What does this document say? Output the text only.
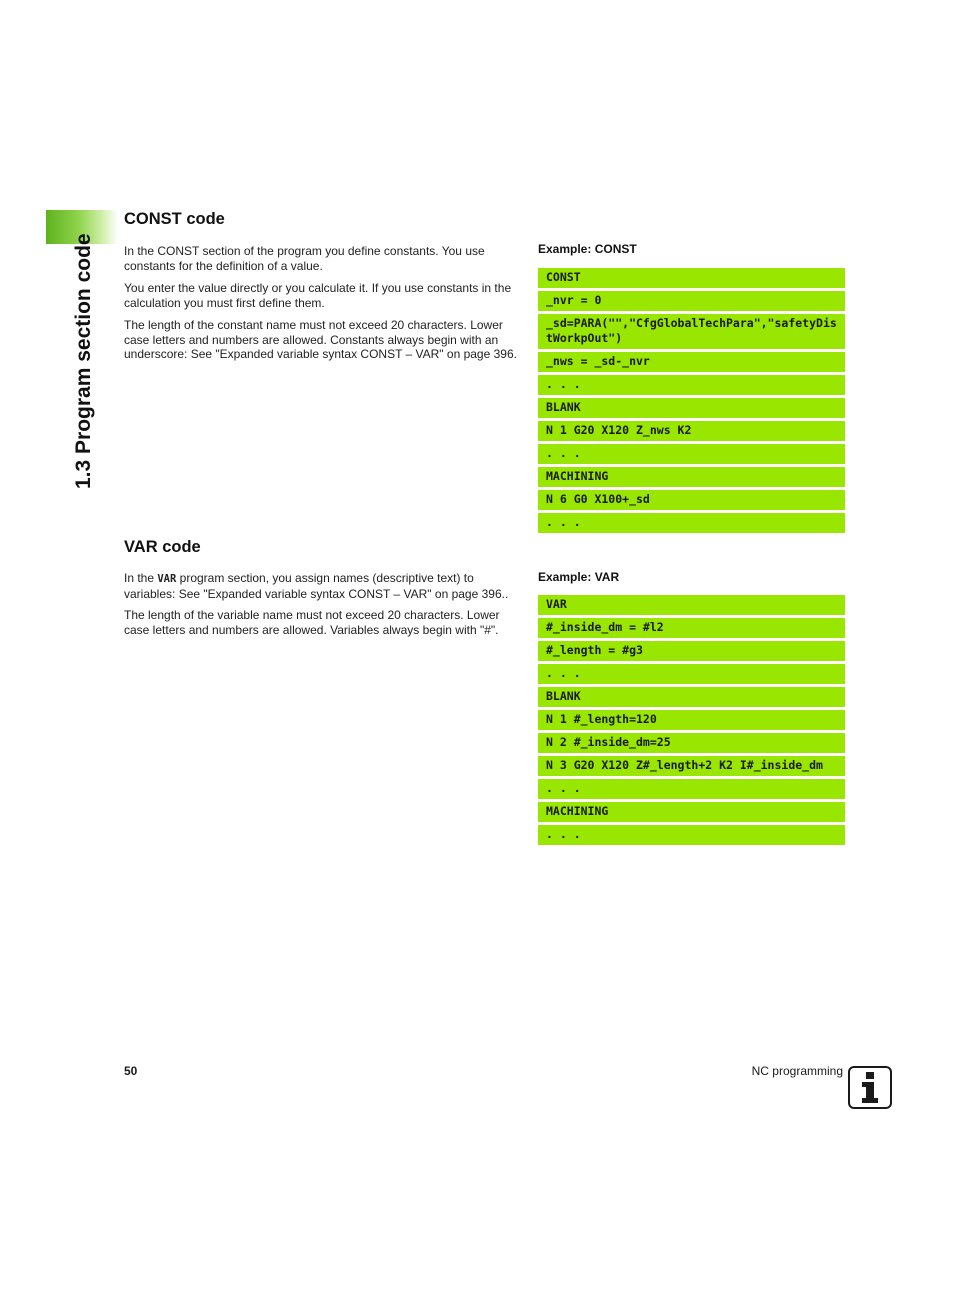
1.3 Program section code
CONST code

In the CONST section of the program you define constants. You use constants for the definition of a value.

You enter the value directly or you calculate it. If you use constants in the calculation you must first define them.

The length of the constant name must not exceed 20 characters. Lower case letters and numbers are allowed. Constants always begin with an underscore: See "Expanded variable syntax CONST – VAR" on page 396.

Example: CONST
CONST
_nvr = 0
_sd=PARA("","CfgGlobalTechPara","safetyDistWorkpOut")
_nws = _sd-_nvr
. . .
BLANK
N 1 G20 X120 Z_nws K2
. . .
MACHINING
N 6 G0 X100+_sd
. . .
VAR code

In the VAR program section, you assign names (descriptive text) to variables: See "Expanded variable syntax CONST – VAR" on page 396..

The length of the variable name must not exceed 20 characters. Lower case letters and numbers are allowed. Variables always begin with "#".

Example: VAR
VAR
#_inside_dm = #l2
#_length = #g3
. . .
BLANK
N 1 #_length=120
N 2 #_inside_dm=25
N 3 G20 X120 Z#_length+2 K2 I#_inside_dm
. . .
MACHINING
. . .
50	NC programming
